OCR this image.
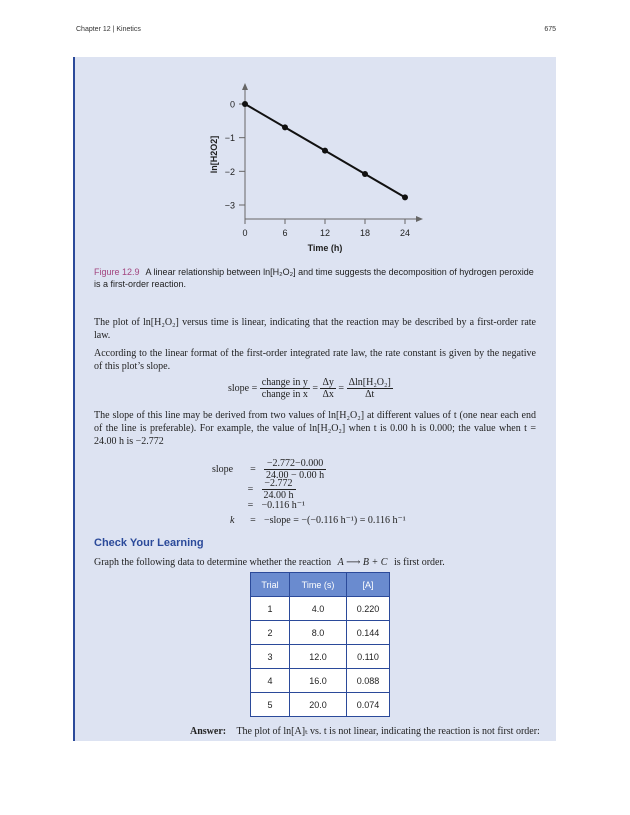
Chapter 12 | Kinetics	675
0
−1
−2
−3
0	6	12	18	24
Time (h)
ln[H2O2]
Figure 12.9 A linear relationship between ln[H₂O₂] and time suggests the decomposition of hydrogen peroxide is a first-order reaction.
The plot of ln[H₂O₂] versus time is linear, indicating that the reaction may be described by a first-order rate law.
According to the linear format of the first-order integrated rate law, the rate constant is given by the negative of this plot’s slope.
slope = $\frac{\text{change in y}}{\text{change in x}} = \frac{\Delta y}{\Delta x} = \frac{\text{Δln[H₂O₂]}}{\Delta t}$
The slope of this line may be derived from two values of ln[H₂O₂] at different values of t (one near each end of the line is preferable). For example, the value of ln[H₂O₂] when t is 0.00 h is 0.000; the value when t = 24.00 h is −2.772
slope = $\frac{-2.772-0.000}{24.00 - 0.00 h}$
= $\frac{-2.772}{24.00 h}$
= −0.116 h⁻¹
k = −slope = −(−0.116 h⁻¹) = 0.116 h⁻¹
Check Your Learning
Graph the following data to determine whether the reaction A ⟶ B + C is first order.
Trial	Time (s)	[A]
1	4.0	0.220
2	8.0	0.144
3	12.0	0.110
4	16.0	0.088
5	20.0	0.074
Answer: The plot of ln[A]ₜ vs. t is not linear, indicating the reaction is not first order:
